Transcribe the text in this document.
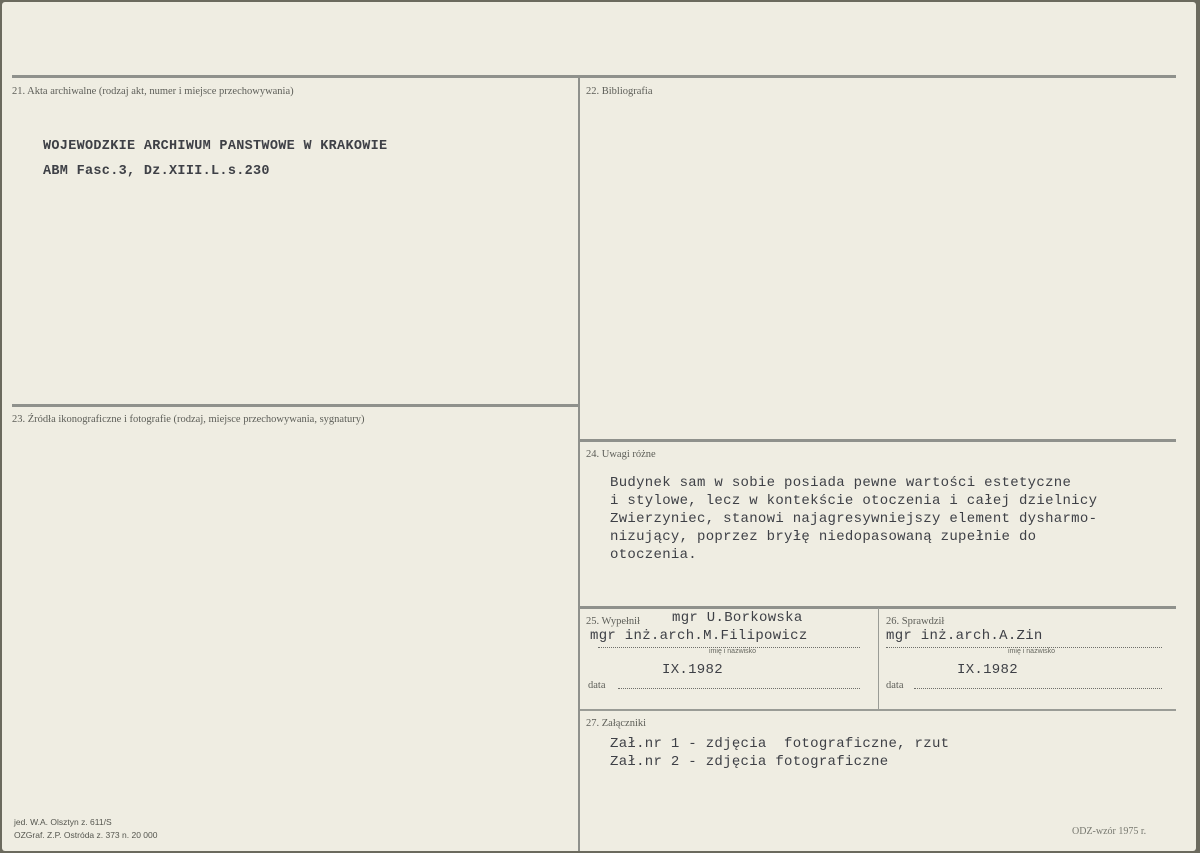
21. Akta archiwalne (rodzaj akt, numer i miejsce przechowywania)
WOJEWODZKIE ARCHIWUM PANSTWOWE W KRAKOWIE
ABM Fasc.3, Dz.XIII.L.s.230
22. Bibliografia
23. Źródła ikonograficzne i fotografie (rodzaj, miejsce przechowywania, sygnatury)
24. Uwagi różne
Budynek sam w sobie posiada pewne wartości estetyczne
i stylowe, lecz w kontekście otoczenia i całej dzielnicy
Zwierzyniec, stanowi najagresywniejszy element dysharmo-
nizujący, poprzez bryłę niedopasowaną zupełnie do
otoczenia.
25. Wypełnił mgr U.Borkowska
mgr inż.arch.M.Filipowicz
imię i nazwisko
IX.1982
data
26. Sprawdził
mgr inż.arch.A.Zin
imię i nazwisko
IX.1982
data
27. Załączniki
Zał.nr 1 - zdjęcia  fotograficzne, rzut
Zał.nr 2 - zdjęcia fotograficzne
jed. W.A. Olsztyn z. 611/S
OZGraf. Z.P. Ostróda z. 373 n. 20 000	ODZ-wzór 1975 r.
